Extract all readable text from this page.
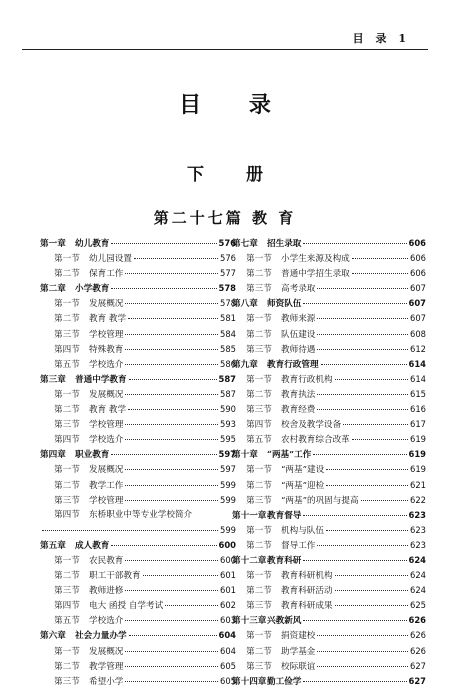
目 录 1
目 录
下 册
第二十七篇 教 育
第一章	幼儿教育	576
第一节	幼儿园设置	576
第二节	保育工作	577
第二章	小学教育	578
第一节	发展概况	578
第二节	教育 教学	581
第三节	学校管理	584
第四节	特殊教育	585
第五节	学校选介	586
第三章	普通中学教育	587
第一节	发展概况	587
第二节	教育 教学	590
第三节	学校管理	593
第四节	学校选介	595
第四章	职业教育	597
第一节	发展概况	597
第二节	教学工作	599
第三节	学校管理	599
第四节	东桥职业中等专业学校简介
599
第五章	成人教育	600
第一节	农民教育	600
第二节	职工干部教育	601
第三节	教师进修	601
第四节	电大 函授 自学考试	602
第五节	学校选介	603
第六章	社会力量办学	604
第一节	发展概况	604
第二节	教学管理	605
第三节	希望小学	605
第七章	招生录取	606
第一节	小学生来源及构成	606
第二节	普通中学招生录取	606
第三节	高考录取	607
第八章	师资队伍	607
第一节	教师来源	607
第二节	队伍建设	608
第三节	教师待遇	612
第九章	教育行政管理	614
第一节	教育行政机构	614
第二节	教育执法	615
第三节	教育经费	616
第四节	校舍及教学设备	617
第五节	农村教育综合改革	619
第十章	“两基”工作	619
第一节	“两基”建设	619
第二节	“两基”迎检	621
第三节	“两基”的巩固与提高	622
第十一章 教育督导	623
第一节	机构与队伍	623
第二节	督导工作	623
第十二章 教育科研	624
第一节	教育科研机构	624
第二节	教育科研活动	624
第三节	教育科研成果	625
第十三章 兴教新风	626
第一节	捐资建校	626
第二节	助学基金	626
第三节	校际联谊	627
第十四章 勤工俭学	627
